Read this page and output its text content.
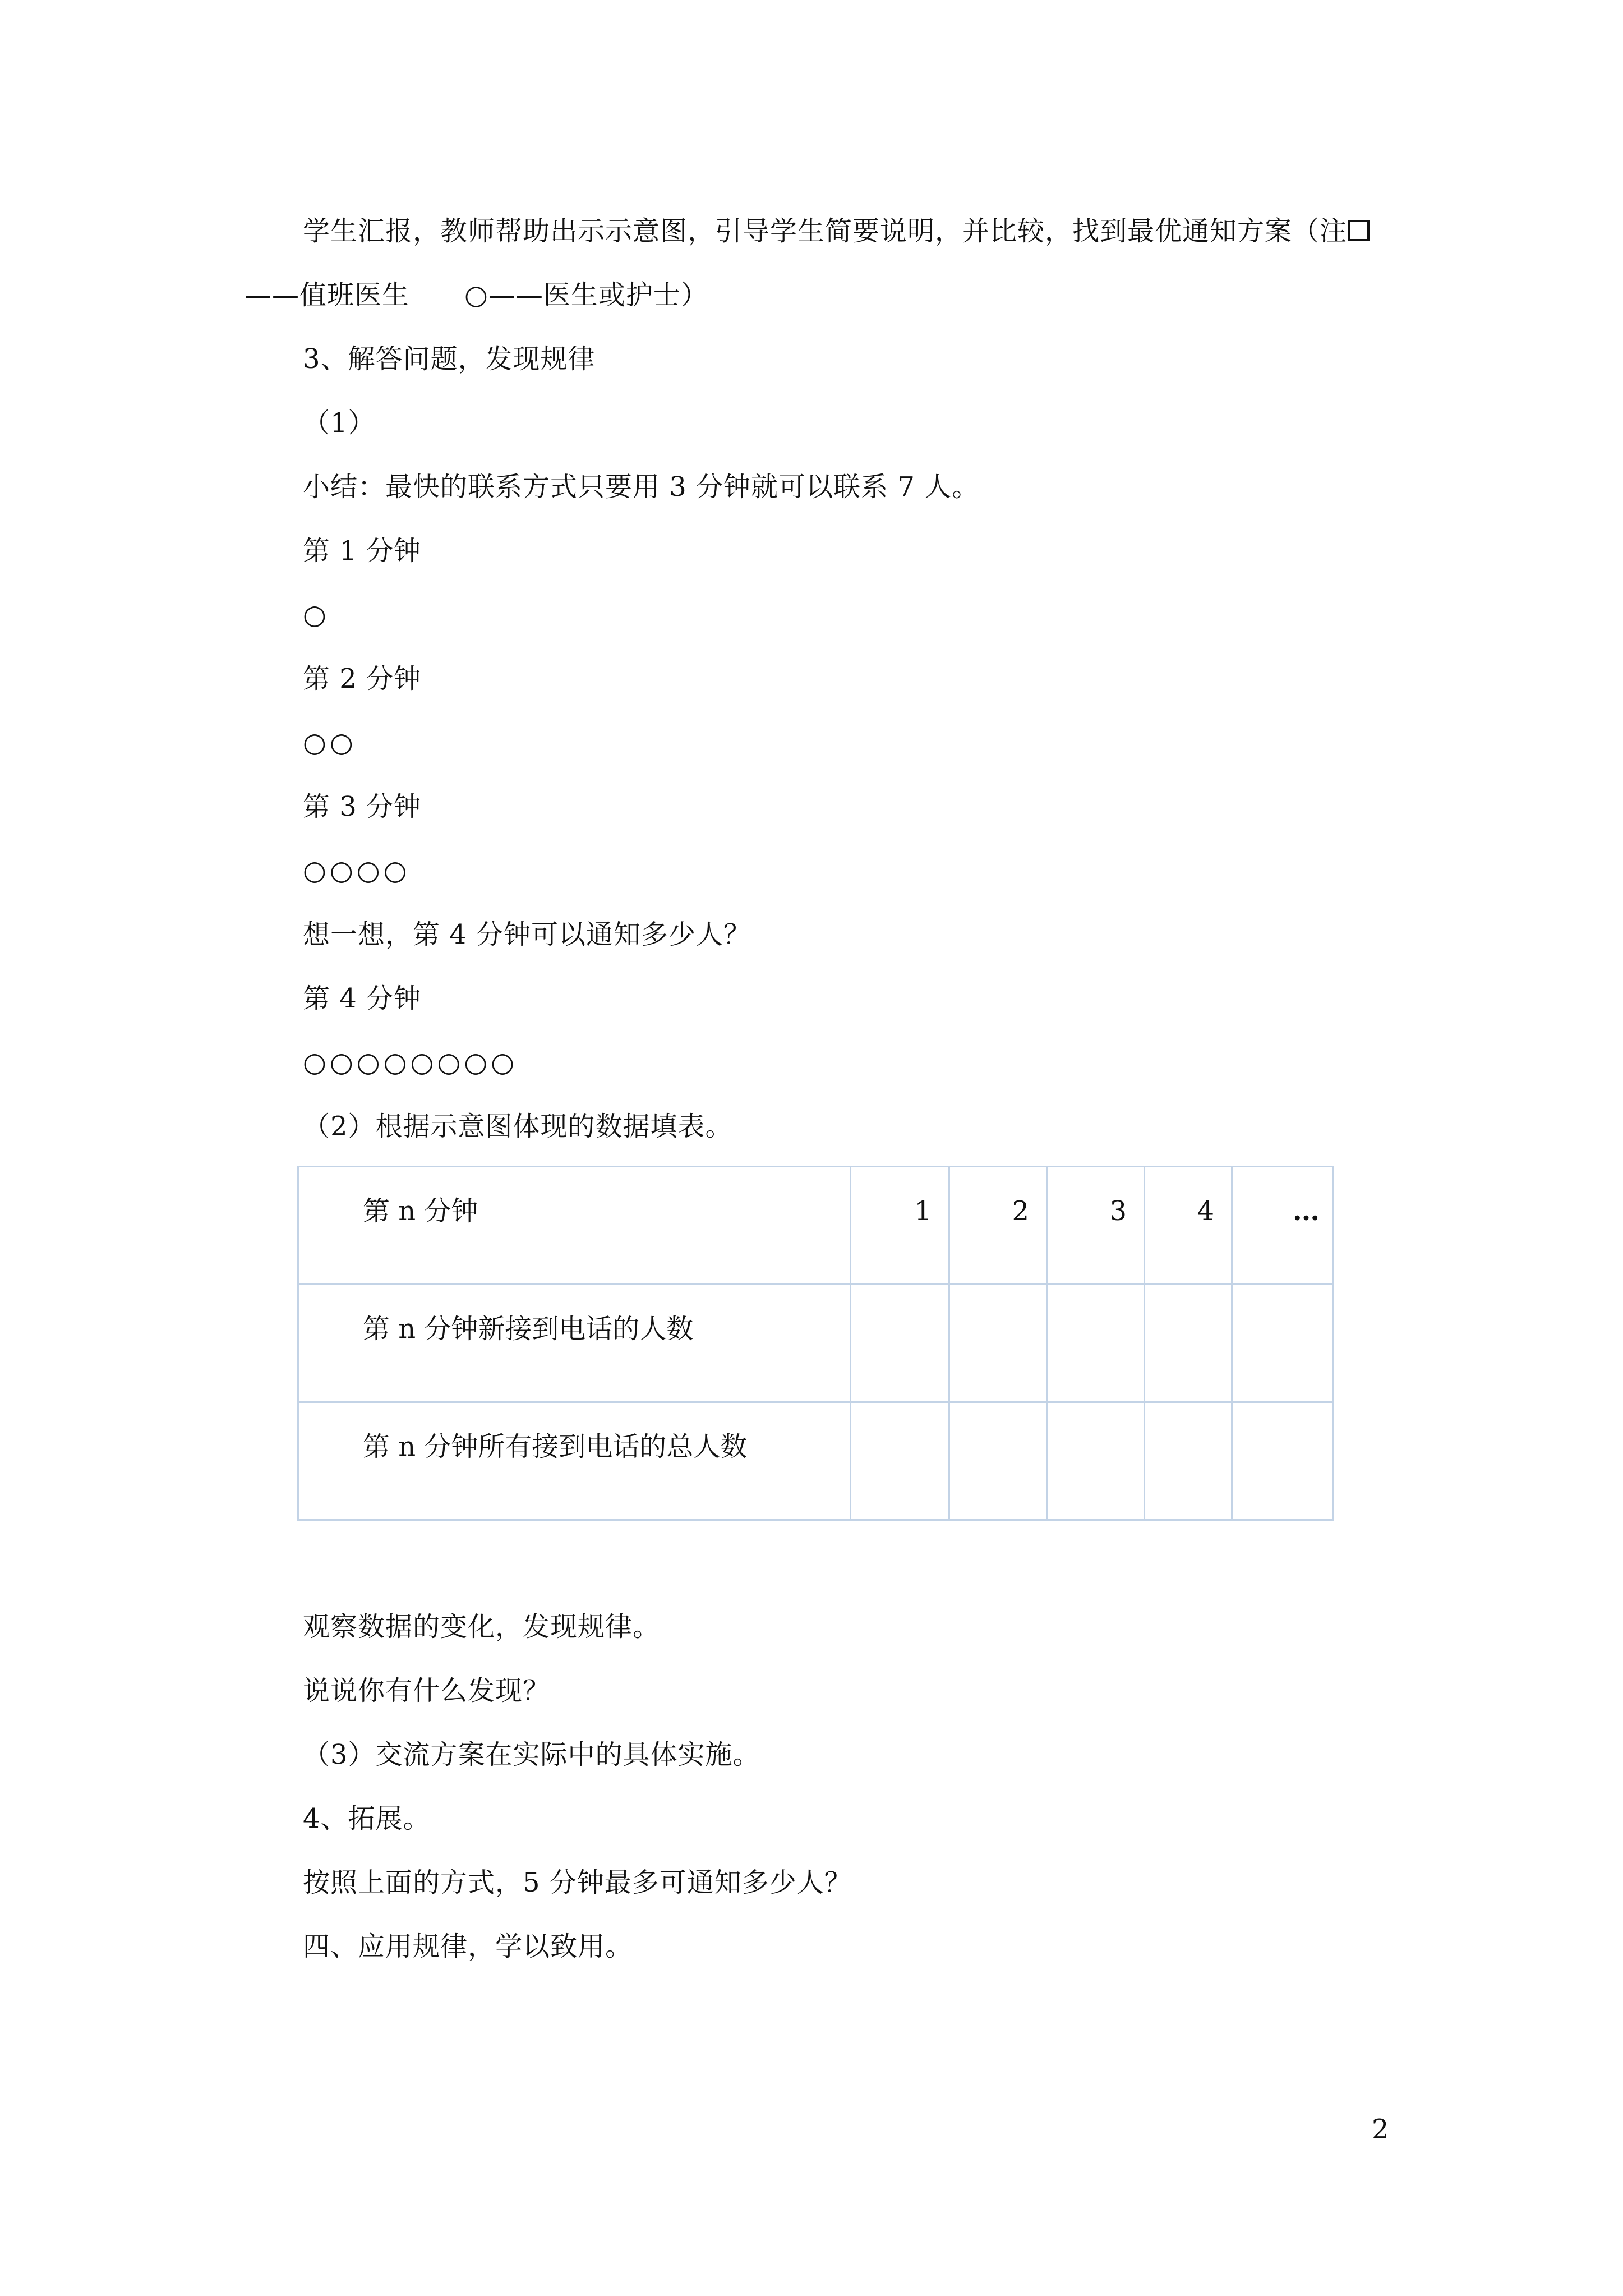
学生汇报，教师帮助出示示意图，引导学生简要说明，并比较，找到最优通知方案（注
——值班医生　　○——医生或护士）
3、解答问题，发现规律
（1）
小结：最快的联系方式只要用 3 分钟就可以联系 7 人。
第 1 分钟
○
第 2 分钟
○○
第 3 分钟
○○○○
想一想，第 4 分钟可以通知多少人？
第 4 分钟
○○○○○○○○
（2）根据示意图体现的数据填表。
第 n 分钟	1	2	3	4	…
第 n 分钟新接到电话的人数					
第 n 分钟所有接到电话的总人数					
观察数据的变化，发现规律。
说说你有什么发现？
（3）交流方案在实际中的具体实施。
4、拓展。
按照上面的方式，5 分钟最多可通知多少人？
四、应用规律，学以致用。
2
